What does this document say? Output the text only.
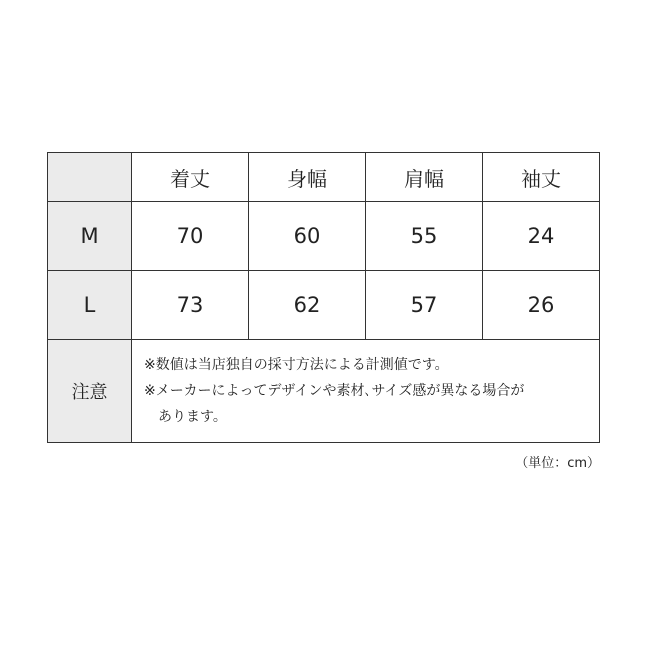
	着丈	身幅	肩幅	袖丈
M	70	60	55	24
L	73	62	57	26
注意	※数値は当店独自の採寸方法による計測値です。
※メーカーによってデザインや素材､サイズ感が異なる場合が
あります。			
（単位：cm）
